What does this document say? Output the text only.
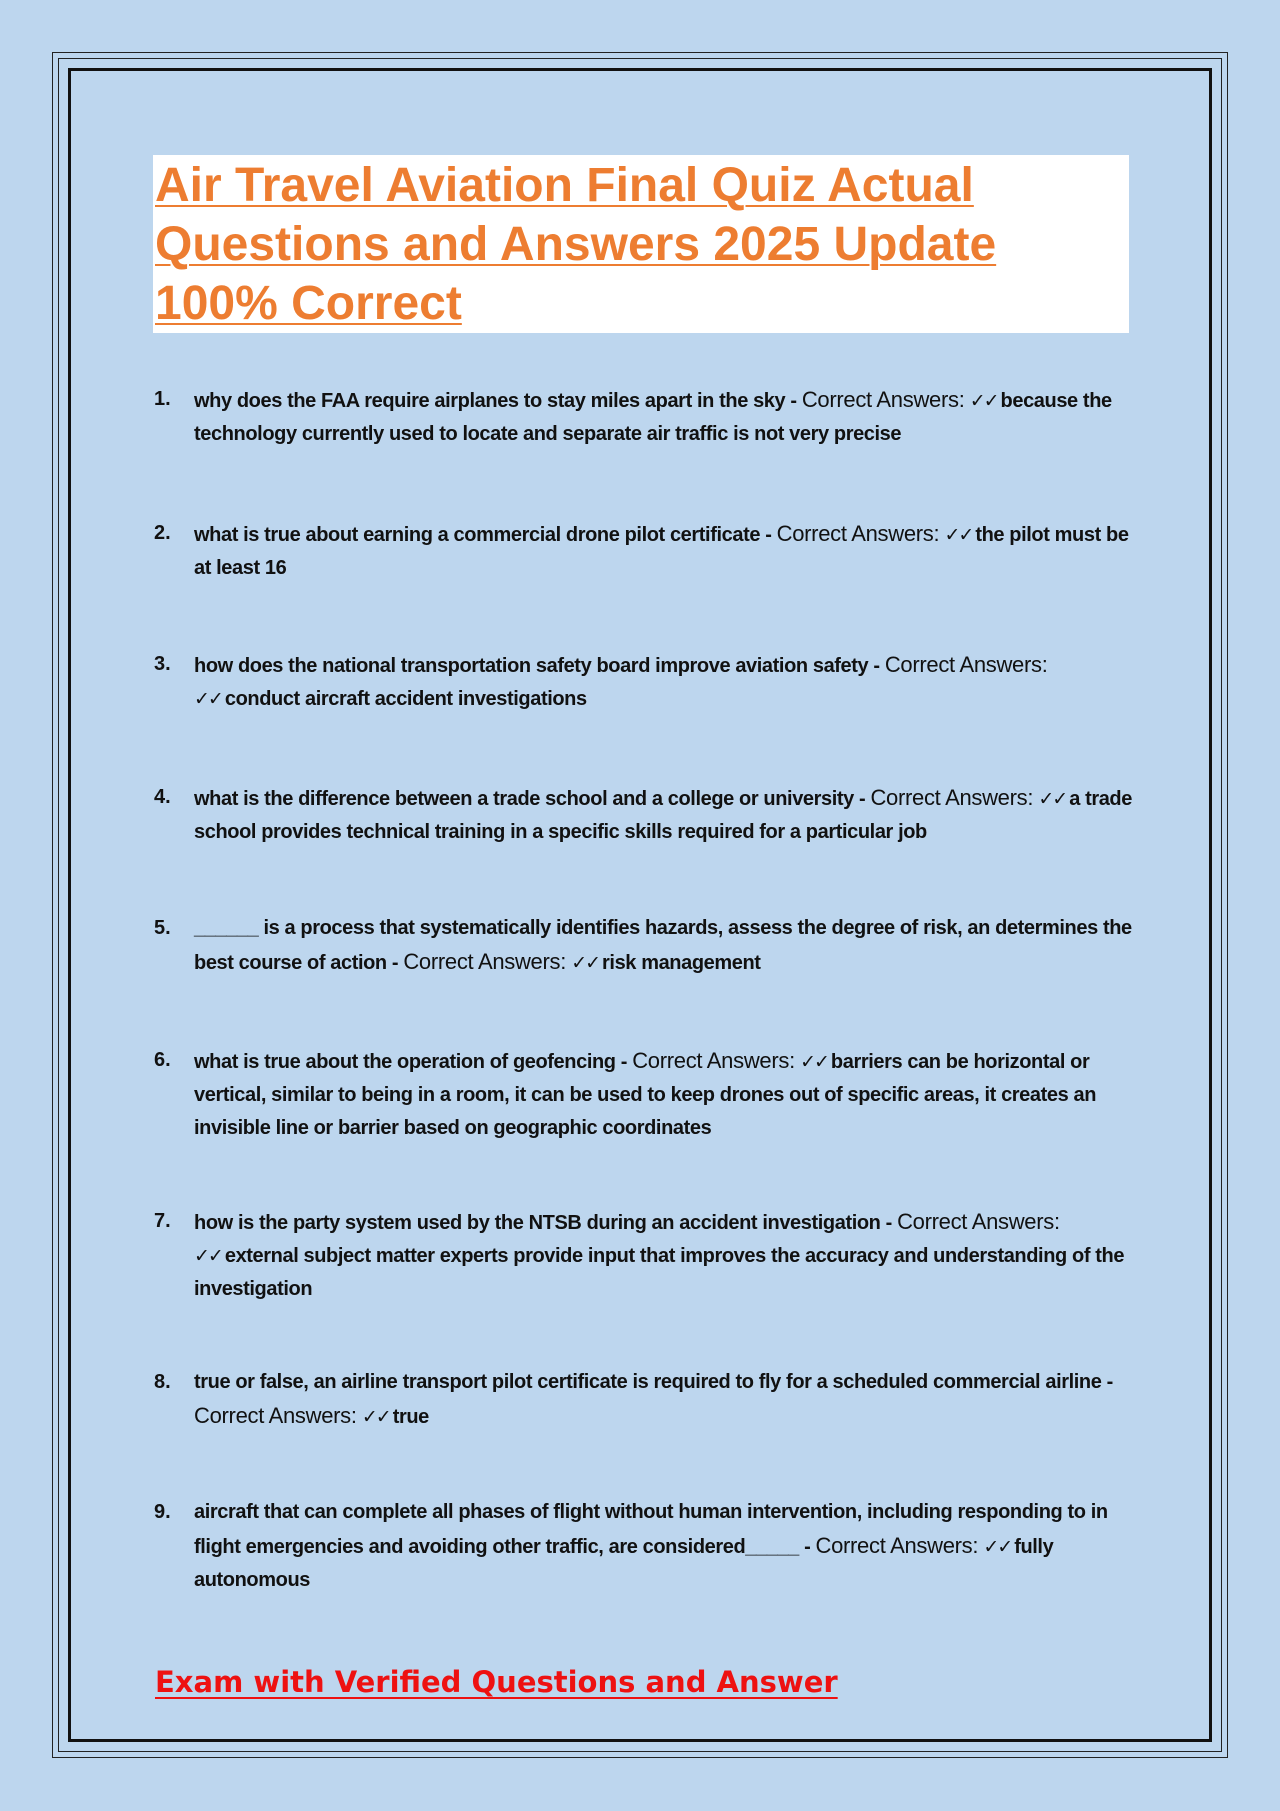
Air Travel Aviation Final Quiz Actual Questions and Answers 2025 Update 100% Correct
1. why does the FAA require airplanes to stay miles apart in the sky - Correct Answers: ✓✓ because the technology currently used to locate and separate air traffic is not very precise
2. what is true about earning a commercial drone pilot certificate - Correct Answers: ✓✓ the pilot must be at least 16
3. how does the national transportation safety board improve aviation safety - Correct Answers: ✓✓ conduct aircraft accident investigations
4. what is the difference between a trade school and a college or university - Correct Answers: ✓✓ a trade school provides technical training in a specific skills required for a particular job
5. ______ is a process that systematically identifies hazards, assess the degree of risk, an determines the best course of action - Correct Answers: ✓✓ risk management
6. what is true about the operation of geofencing - Correct Answers: ✓✓ barriers can be horizontal or vertical, similar to being in a room, it can be used to keep drones out of specific areas, it creates an invisible line or barrier based on geographic coordinates
7. how is the party system used by the NTSB during an accident investigation - Correct Answers: ✓✓ external subject matter experts provide input that improves the accuracy and understanding of the investigation
8. true or false, an airline transport pilot certificate is required to fly for a scheduled commercial airline - Correct Answers: ✓✓ true
9. aircraft that can complete all phases of flight without human intervention, including responding to in flight emergencies and avoiding other traffic, are considered_____ - Correct Answers: ✓✓ fully autonomous

Exam with Verified Questions and Answer
